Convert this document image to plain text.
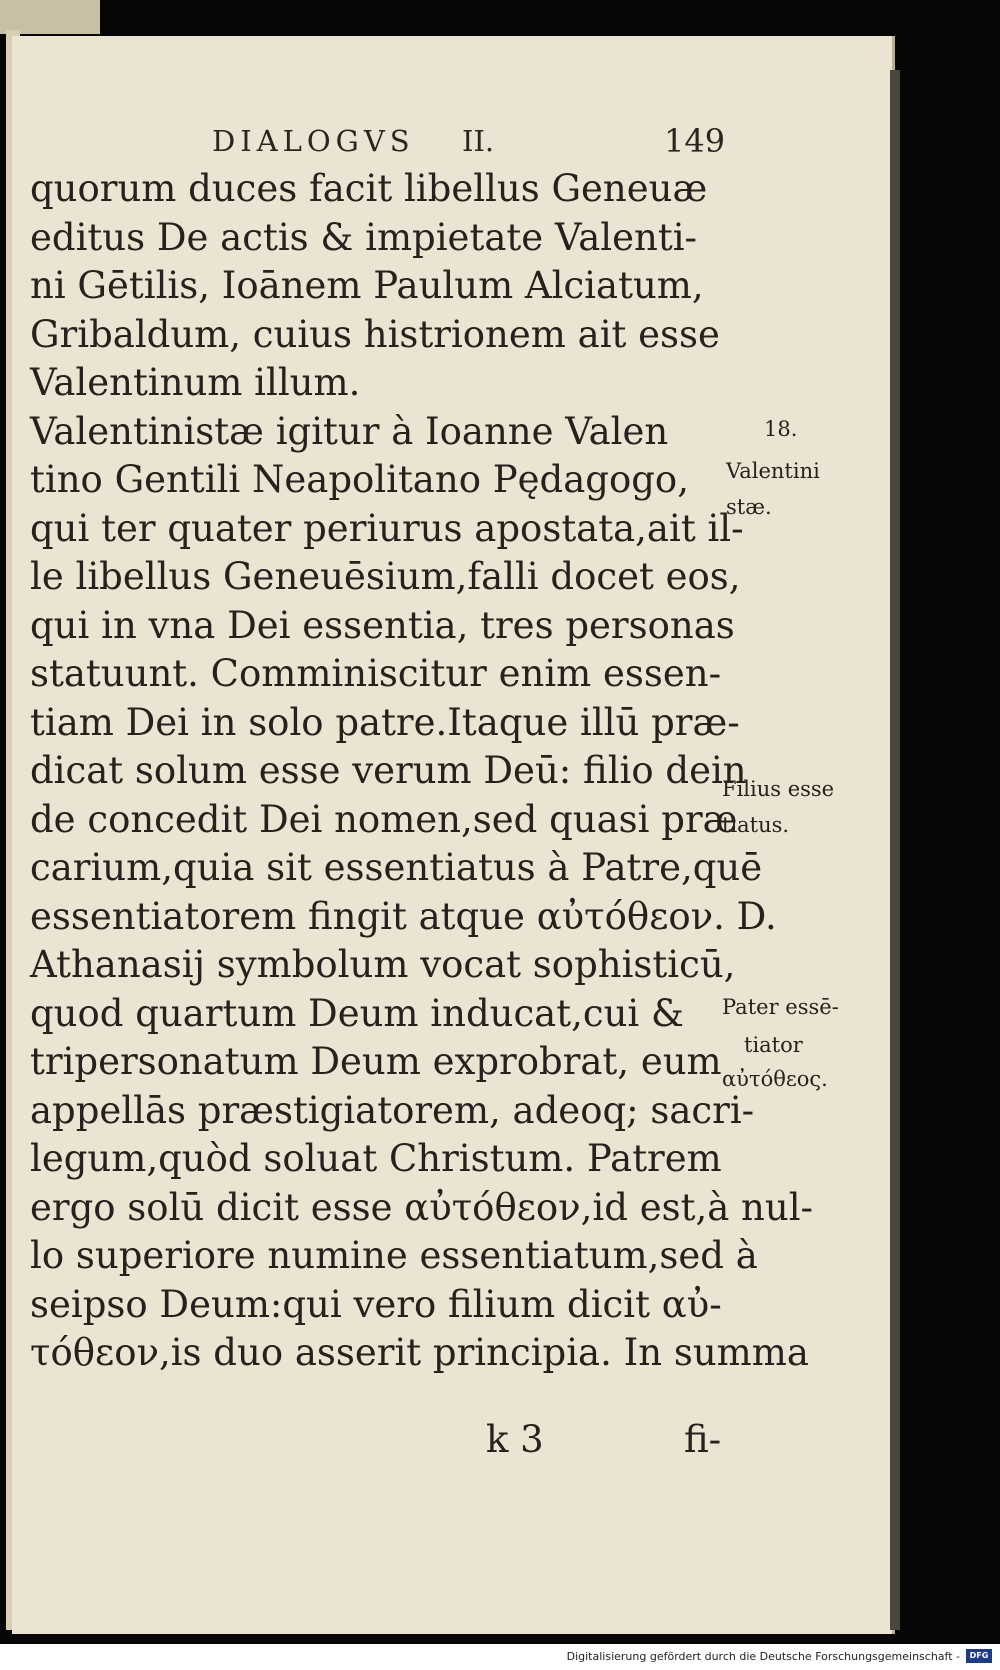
DIALOGVS II.	149
quorum duces facit libellus Geneuæ
editus De actis & impietate Valenti-
ni Gētilis, Ioānem Paulum Alciatum,
Gribaldum, cuius histrionem ait esse
Valentinum illum.
Valentinistæ igitur à Ioanne Valen
tino Gentili Neapolitano Pędagogo,
qui ter quater periurus apostata,ait il-
le libellus Geneuēsium,falli docet eos,
qui in vna Dei essentia, tres personas
statuunt. Comminiscitur enim essen-
tiam Dei in solo patre.Itaque illū præ-
dicat solum esse verum Deū: filio dein
de concedit Dei nomen,sed quasi præ
carium,quia sit essentiatus à Patre,quē
essentiatorem fingit atque αὐτόθεον. D.
Athanasij symbolum vocat sophisticū,
quod quartum Deum inducat,cui &
tripersonatum Deum exprobrat, eum
appellās præstigiatorem, adeoq; sacri-
legum,quòd soluat Christum. Patrem
ergo solū dicit esse αὐτόθεον,id est,à nul-
lo superiore numine essentiatum,sed à
seipso Deum:qui vero filium dicit αὐ-
τόθεον,is duo asserit principia. In summa
18.
Valentini
stæ.
Filius esse
tiatus.
Pater essē-
tiator
αὐτόθεος.
k 3	fi-
Digitalisierung gefördert durch die Deutsche Forschungsgemeinschaft -	DFG
